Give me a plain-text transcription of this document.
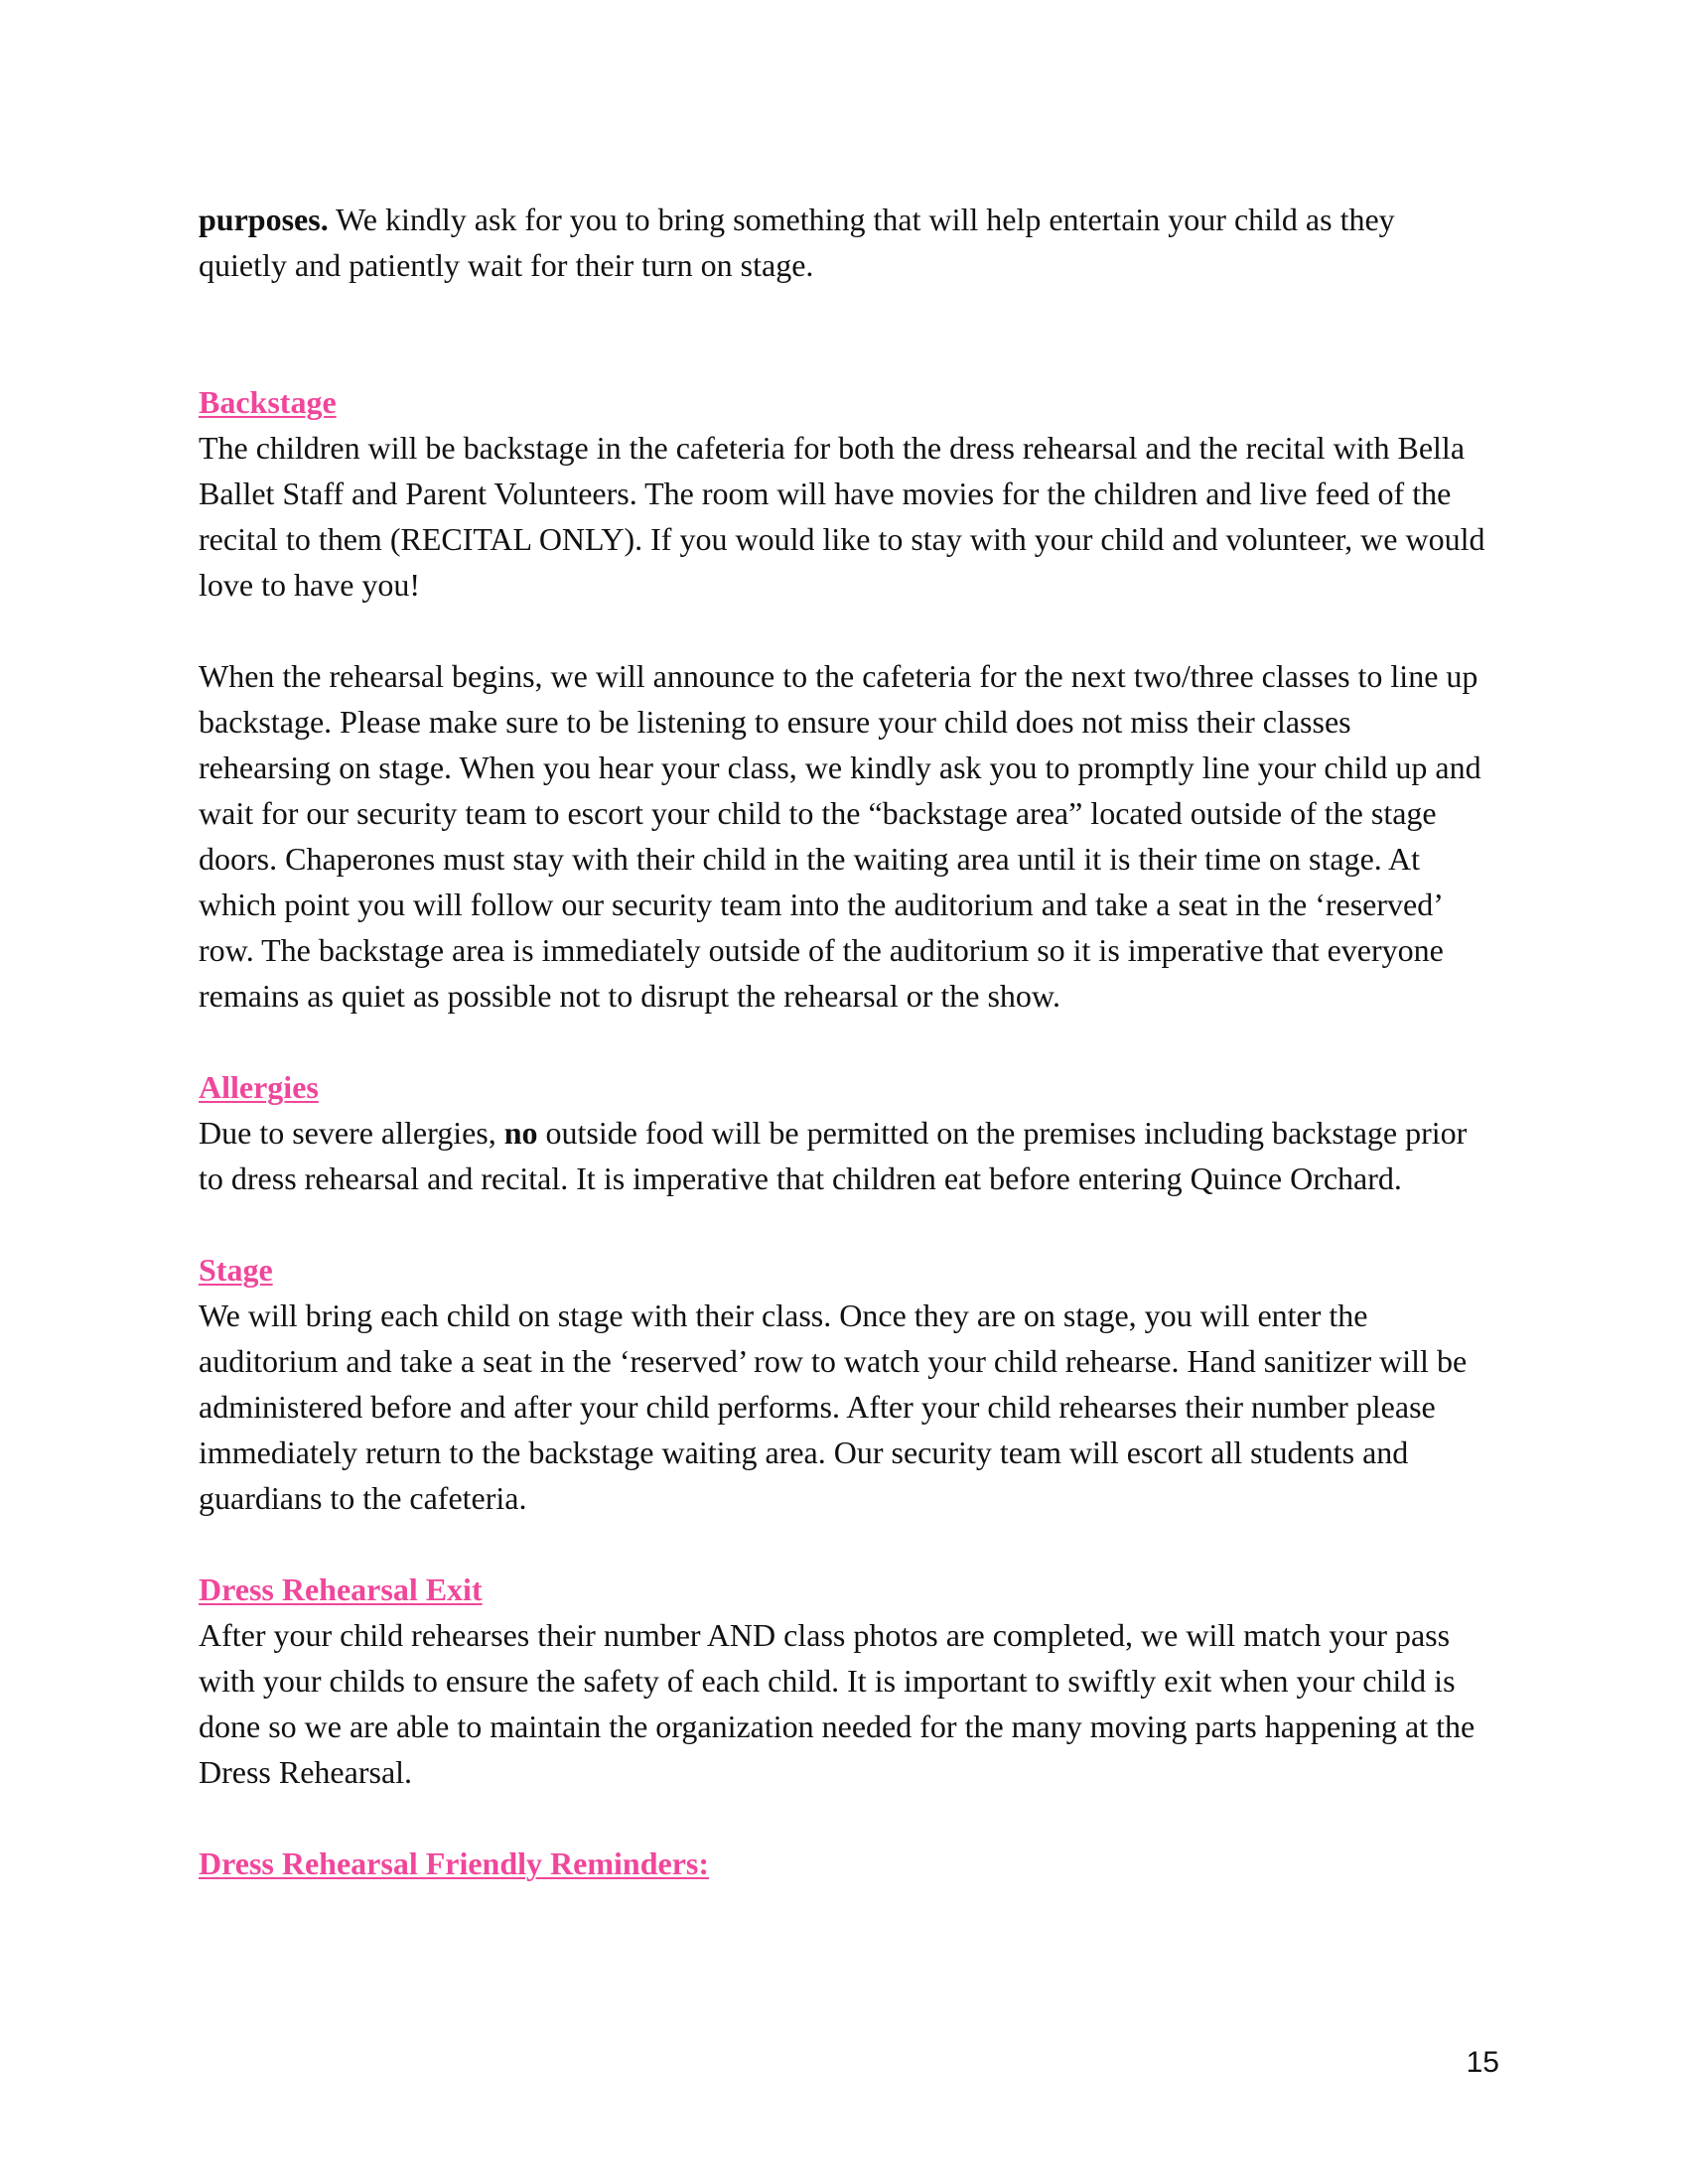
purposes. We kindly ask for you to bring something that will help entertain your child as they quietly and patiently wait for their turn on stage.

Backstage

The children will be backstage in the cafeteria for both the dress rehearsal and the recital with Bella Ballet Staff and Parent Volunteers. The room will have movies for the children and live feed of the recital to them (RECITAL ONLY). If you would like to stay with your child and volunteer, we would love to have you!

When the rehearsal begins, we will announce to the cafeteria for the next two/three classes to line up backstage. Please make sure to be listening to ensure your child does not miss their classes rehearsing on stage. When you hear your class, we kindly ask you to promptly line your child up and wait for our security team to escort your child to the “backstage area” located outside of the stage doors. Chaperones must stay with their child in the waiting area until it is their time on stage. At which point you will follow our security team into the auditorium and take a seat in the ‘reserved’ row. The backstage area is immediately outside of the auditorium so it is imperative that everyone remains as quiet as possible not to disrupt the rehearsal or the show.

Allergies

Due to severe allergies, no outside food will be permitted on the premises including backstage prior to dress rehearsal and recital. It is imperative that children eat before entering Quince Orchard.

Stage

We will bring each child on stage with their class. Once they are on stage, you will enter the auditorium and take a seat in the ‘reserved’ row to watch your child rehearse. Hand sanitizer will be administered before and after your child performs. After your child rehearses their number please immediately return to the backstage waiting area. Our security team will escort all students and guardians to the cafeteria.

Dress Rehearsal Exit

After your child rehearses their number AND class photos are completed, we will match your pass with your childs to ensure the safety of each child. It is important to swiftly exit when your child is done so we are able to maintain the organization needed for the many moving parts happening at the Dress Rehearsal.

Dress Rehearsal Friendly Reminders:

15
